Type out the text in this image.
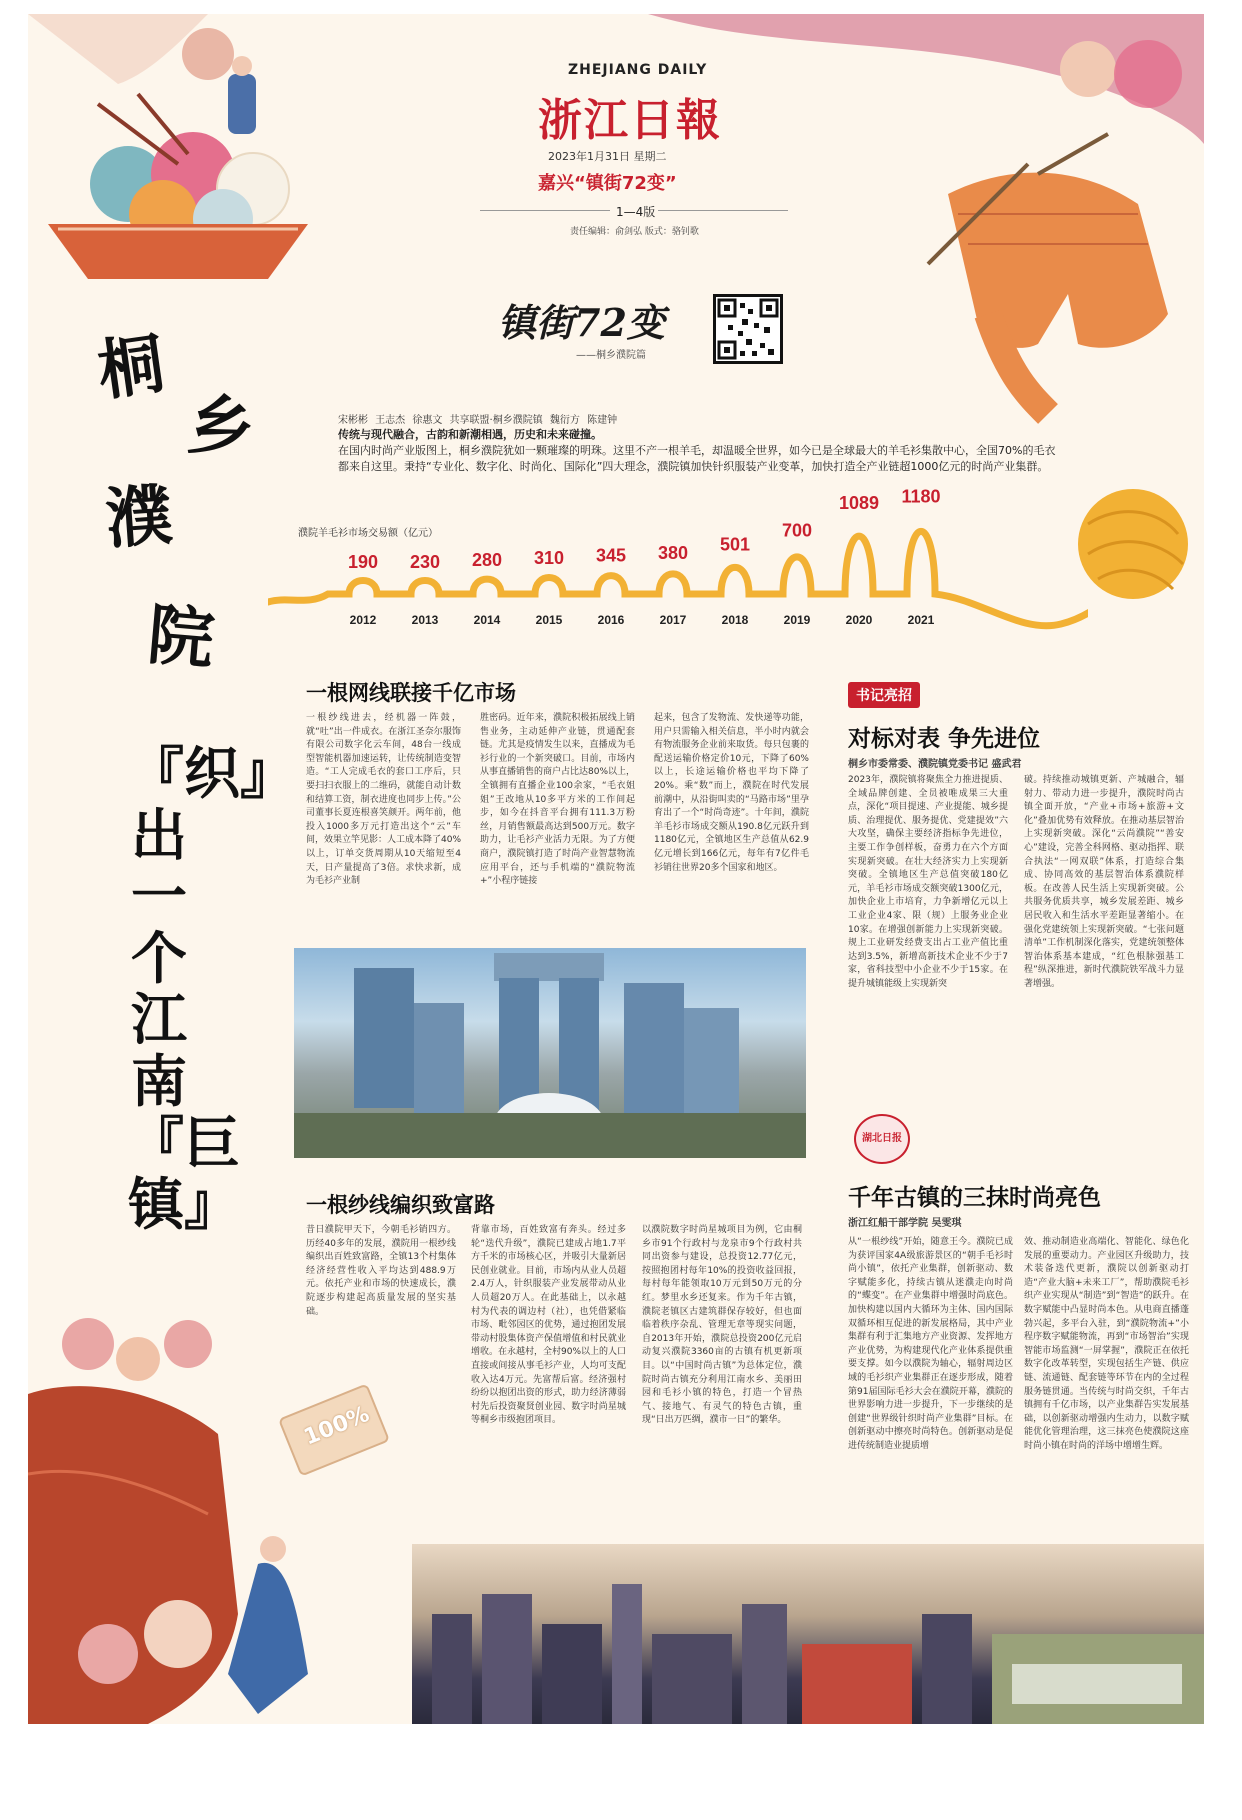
100%
ZHEJIANG DAILY
浙江日報
2023年1月31日 星期二
嘉兴“镇街72变”
1—4版
责任编辑：俞剑弘 版式：骆钊歌
镇街72变
——桐乡濮院篇
桐
乡
濮
院
『织』出一个江南『巨镇』
宋彬彬 王志杰 徐惠文 共享联盟·桐乡濮院镇 魏衍方 陈建钟
传统与现代融合，古韵和新潮相遇，历史和未来碰撞。
在国内时尚产业版图上，桐乡濮院犹如一颗璀璨的明珠。这里不产一根羊毛，却温暖全世界，如今已是全球最大的羊毛衫集散中心，全国70%的毛衣都来自这里。秉持“专业化、数字化、时尚化、国际化”四大理念，濮院镇加快针织服装产业变革，加快打造全产业链超1000亿元的时尚产业集群。
濮院羊毛衫市场交易额（亿元）
190
2012
230
2013
280
2014
310
2015
345
2016
380
2017
501
2018
700
2019
1089
2020
1180
2021
一根网线联接千亿市场
一根纱线进去，经机器一阵鼓，就“吐”出一件成衣。在浙江圣奈尔服饰有限公司数字化云车间，48台一线成型智能机器加速运转，让传统制造变智造。“工人完成毛衣的套口工序后，只要扫扫衣服上的二维码，就能自动计数和结算工资，制衣进度也同步上传。”公司董事长夏连根喜笑颜开。两年前，他投入1000多万元打造出这个“云”车间，效果立竿见影：人工成本降了40%以上，订单交货周期从10天缩短至4天，日产量提高了3倍。求快求新，成为毛衫产业制
胜密码。近年来，濮院积极拓展线上销售业务，主动延伸产业链，贯通配套链。尤其是疫情发生以来，直播成为毛衫行业的一个新突破口。目前，市场内从事直播销售的商户占比达80%以上，全镇拥有直播企业100余家，“毛衣姐姐”王改地从10多平方米的工作间起步，如今在抖音平台拥有111.3万粉丝，月销售额最高达到500万元。数字助力，让毛衫产业活力无限。为了方便商户，濮院镇打造了时尚产业智慧物流应用平台，还与手机端的“濮院物流+”小程序链接
起来，包含了发物流、发快递等功能，用户只需输入相关信息，半小时内就会有物流服务企业前来取货。每只包裹的配送运输价格定价10元，下降了60%以上，长途运输价格也平均下降了20%。乘“数”而上，濮院在时代发展前潮中，从沿街叫卖的“马路市场”里孕育出了一个“时尚奇迹”。十年间，濮院羊毛衫市场成交额从190.8亿元跃升到1180亿元，全镇地区生产总值从62.9亿元增长到166亿元，每年有7亿件毛衫销往世界20多个国家和地区。
一根纱线编织致富路
昔日濮院甲天下，今朝毛衫销四方。历经40多年的发展，濮院用一根纱线编织出百姓致富路，全镇13个村集体经济经营性收入平均达到488.9万元。依托产业和市场的快速成长，濮院逐步构建起高质量发展的坚实基础。
背靠市场，百姓致富有奔头。经过多轮“迭代升级”，濮院已建成占地1.7平方千米的市场核心区，并吸引大量新居民创业就业。目前，市场内从业人员超2.4万人，针织服装产业发展带动从业人员超20万人。在此基础上，以永越村为代表的调边村（社），也凭借紧临市场、毗邻园区的优势，通过抱团发展带动村股集体资产保值增值和村民就业增收。在永越村，全村90%以上的人口直接或间接从事毛衫产业，人均可支配收入达4万元。先富帮后富。经济强村纷纷以抱团出资的形式，助力经济薄弱村先后投资聚贤创业园、数字时尚星城等桐乡市级抱团项目。
以濮院数字时尚星城项目为例，它由桐乡市91个行政村与龙泉市9个行政村共同出资参与建设，总投资12.77亿元，按照抱团村每年10%的投资收益回报，每村每年能领取10万元到50万元的分红。梦里水乡还复来。作为千年古镇，濮院老镇区古建筑群保存较好，但也面临着秩序杂乱、管理无章等现实问题，自2013年开始，濮院总投资200亿元启动复兴濮院3360亩的古镇有机更新项目。以“中国时尚古镇”为总体定位，濮院时尚古镇充分利用江南水乡、美丽田园和毛衫小镇的特色，打造一个冒热气、接地气、有灵气的特色古镇，重现“日出万匹绸，濮市一日”的繁华。
书记亮招
对标对表 争先进位
桐乡市委常委、濮院镇党委书记 盛武君
2023年，濮院镇将聚焦全力推进提质、全域品牌创建、全员被唯成果三大重点，深化“项目提速、产业提能、城乡提质、治理提优、服务提优、党建提效”六大攻坚，确保主要经济指标争先进位，主要工作争创样板，奋勇力在六个方面实现新突破。在壮大经济实力上实现新突破。全镇地区生产总值突破180亿元，羊毛衫市场成交额突破1300亿元，加快企业上市培育，力争新增亿元以上工业企业4家、限（规）上服务业企业10家。在增强创新能力上实现新突破。规上工业研发经费支出占工业产值比重达到3.5%，新增高新技术企业不少于7家，省科技型中小企业不少于15家。在提升城镇能级上实现新突
破。持续推动城镇更新、产城融合，辐射力、带动力进一步提升，濮院时尚古镇全面开放，“产业+市场+旅游+文化”叠加优势有效释放。在推动基层智治上实现新突破。深化“云尚濮院”“善安心”建设，完善全科网格、驱动指挥、联合执法“一网双联”体系，打造综合集成、协同高效的基层智治体系濮院样板。在改善人民生活上实现新突破。公共服务优质共享，城乡发展差距、城乡居民收入和生活水平差距显著缩小。在强化党建统领上实现新突破。“七张问题清单”工作机制深化落实，党建统领整体智治体系基本建成，“红色根脉强基工程”纵深推进，新时代濮院铁军战斗力显著增强。
湖北日报
千年古镇的三抹时尚亮色
浙江红船干部学院 吴雯琪
从“一根纱线”开始，随意王今。濮院已成为获评国家4A级旅游景区的“朝手毛衫时尚小镇”，依托产业集群，创新驱动、数字赋能多化，持续古镇从迷濮走向时尚的“蝶变”。在产业集群中增强时尚底色。加快构建以国内大循环为主体、国内国际双循环相互促进的新发展格局，其中产业集群有利于汇集地方产业资源、发挥地方产业优势，为构建现代化产业体系提供重要支撑。如今以濮院为轴心，辐射周边区域的毛衫织产业集群正在逐步形成，随着第91届国际毛衫大会在濮院开幕，濮院的世界影响力进一步提升，下一步继续的是创建“世界级针织时尚产业集群”目标。在创新驱动中擦亮时尚特色。创新驱动是促进传统制造业提质增
效、推动制造业高端化、智能化、绿色化发展的重要动力。产业园区升级助力，技术装备迭代更新，濮院以创新驱动打造“产业大脑+未来工厂”，帮助濮院毛衫织产业实现从“制造”到“智造”的跃升。在数字赋能中凸显时尚本色。从电商直播蓬勃兴起，多平台入驻，到“濮院物流+”小程序数字赋能物流，再到“市场智治”实现智能市场监测“一屏掌握”，濮院正在依托数字化改革转型，实现包括生产链、供应链、流通链、配套链等环节在内的全过程服务链贯通。当传统与时尚交织，千年古镇拥有千亿市场，以产业集群告实发展基础，以创新驱动增强内生动力，以数字赋能优化管理治理，这三抹亮色使濮院这座时尚小镇在时尚的洋场中增增生辉。
